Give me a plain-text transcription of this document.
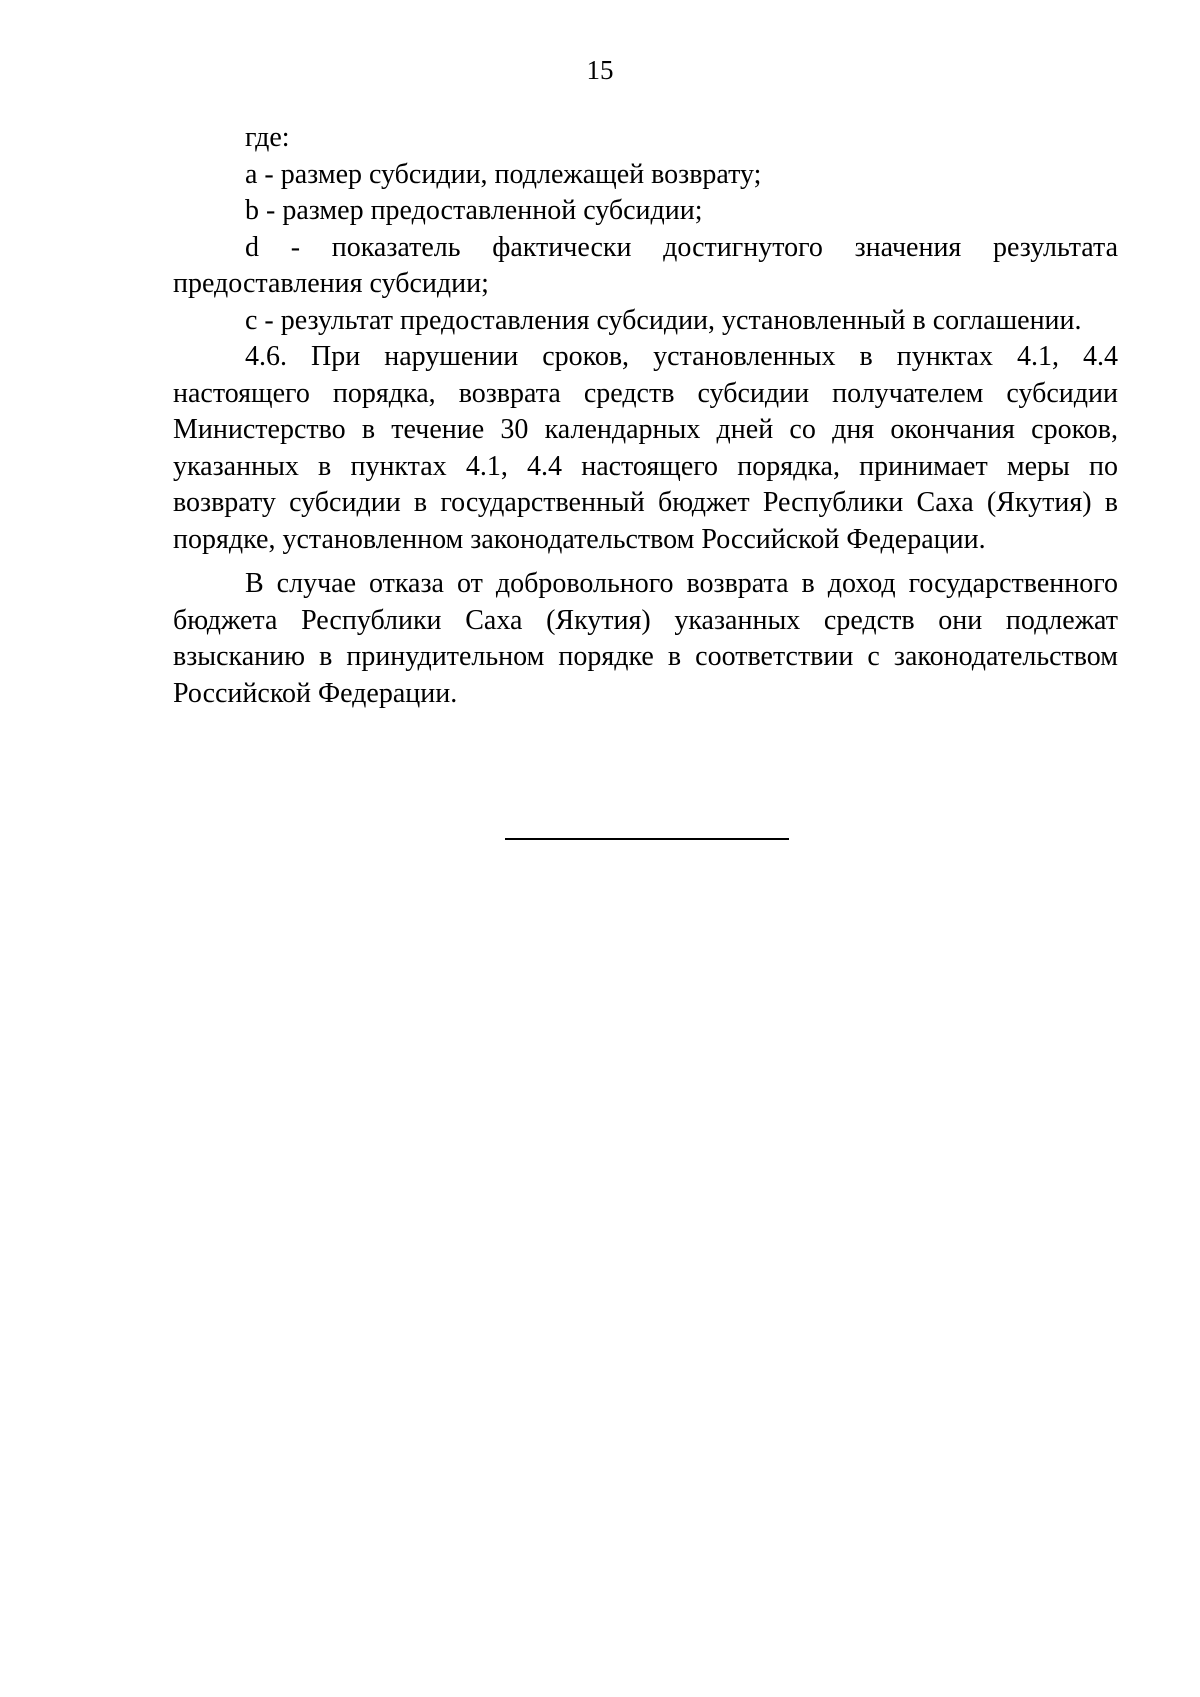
15

где:

а - размер субсидии, подлежащей возврату;

b - размер предоставленной субсидии;

d - показатель фактически достигнутого значения результата предоставления субсидии;

с - результат предоставления субсидии, установленный в соглашении.

4.6. При нарушении сроков, установленных в пунктах 4.1, 4.4 настоящего порядка, возврата средств субсидии получателем субсидии Министерство в течение 30 календарных дней со дня окончания сроков, указанных в пунктах 4.1, 4.4 настоящего порядка, принимает меры по возврату субсидии в государственный бюджет Республики Саха (Якутия) в порядке, установленном законодательством Российской Федерации.

В случае отказа от добровольного возврата в доход государственного бюджета Республики Саха (Якутия) указанных средств они подлежат взысканию в принудительном порядке в соответствии с законодательством Российской Федерации.
